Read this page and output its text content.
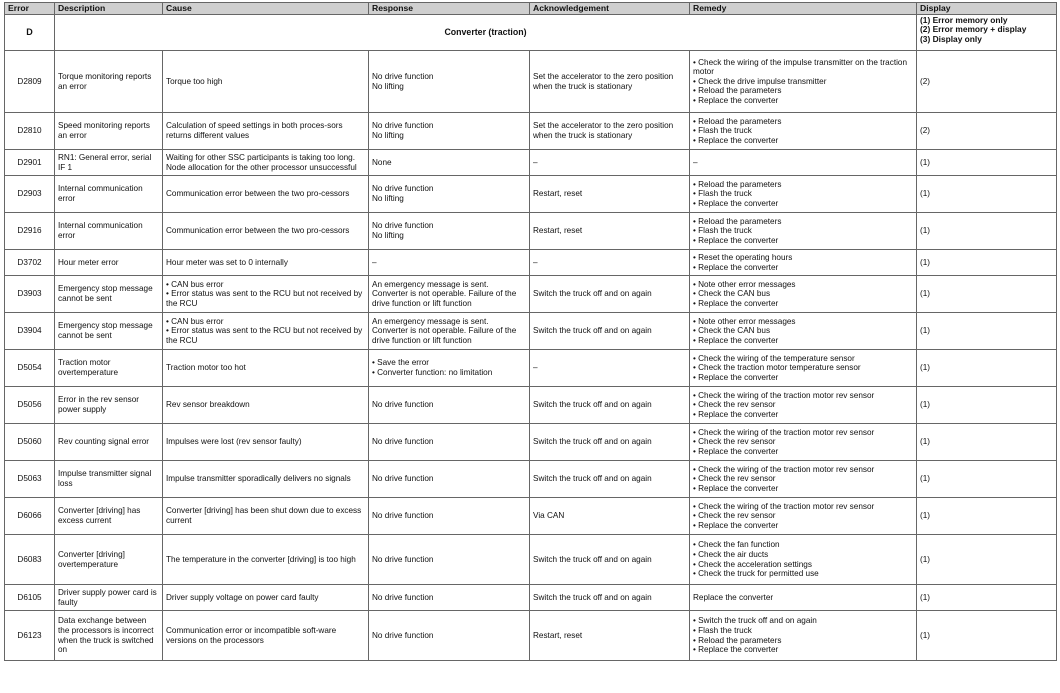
Error	Description	Cause	Response	Acknowledgement	Remedy	Display
D	Converter (traction)					(1) Error memory only
(2) Error memory + display
(3) Display only

D2809	Torque monitoring reports an error	Torque too high	No drive function
No lifting	Set the accelerator to the zero position when the truck is stationary	• Check the wiring of the impulse transmitter on the traction motor
• Check the drive impulse transmitter
• Reload the parameters
• Replace the converter	(2)
D2810	Speed monitoring reports an error	Calculation of speed settings in both proces-sors returns different values	No drive function
No lifting	Set the accelerator to the zero position when the truck is stationary	• Reload the parameters
• Flash the truck
• Replace the converter	(2)
D2901	RN1: General error, serial IF 1	Waiting for other SSC participants is taking too long. Node allocation for the other processor unsuccessful	None	–	–	(1)
D2903	Internal communication error	Communication error between the two pro-cessors	No drive function
No lifting	Restart, reset	• Reload the parameters
• Flash the truck
• Replace the converter	(1)
D2916	Internal communication error	Communication error between the two pro-cessors	No drive function
No lifting	Restart, reset	• Reload the parameters
• Flash the truck
• Replace the converter	(1)
D3702	Hour meter error	Hour meter was set to 0 internally	–	–	• Reset the operating hours
• Replace the converter	(1)
D3903	Emergency stop message cannot be sent	• CAN bus error
• Error status was sent to the RCU but not received by the RCU	An emergency message is sent. Converter is not operable. Failure of the drive function or lift function	Switch the truck off and on again	• Note other error messages
• Check the CAN bus
• Replace the converter	(1)
D3904	Emergency stop message cannot be sent	• CAN bus error
• Error status was sent to the RCU but not received by the RCU	An emergency message is sent. Converter is not operable. Failure of the drive function or lift function	Switch the truck off and on again	• Note other error messages
• Check the CAN bus
• Replace the converter	(1)
D5054	Traction motor overtemperature	Traction motor too hot	• Save the error
• Converter function: no limitation	–	• Check the wiring of the temperature sensor
• Check the traction motor temperature sensor
• Replace the converter	(1)
D5056	Error in the rev sensor power supply	Rev sensor breakdown	No drive function	Switch the truck off and on again	• Check the wiring of the traction motor rev sensor
• Check the rev sensor
• Replace the converter	(1)
D5060	Rev counting signal error	Impulses were lost (rev sensor faulty)	No drive function	Switch the truck off and on again	• Check the wiring of the traction motor rev sensor
• Check the rev sensor
• Replace the converter	(1)
D5063	Impulse transmitter signal loss	Impulse transmitter sporadically delivers no signals	No drive function	Switch the truck off and on again	• Check the wiring of the traction motor rev sensor
• Check the rev sensor
• Replace the converter	(1)
D6066	Converter [driving] has excess current	Converter [driving] has been shut down due to excess current	No drive function	Via CAN	• Check the wiring of the traction motor rev sensor
• Check the rev sensor
• Replace the converter	(1)
D6083	Converter [driving] overtemperature	The temperature in the converter [driving] is too high	No drive function	Switch the truck off and on again	• Check the fan function
• Check the air ducts
• Check the acceleration settings
• Check the truck for permitted use	(1)
D6105	Driver supply power card is faulty	Driver supply voltage on power card faulty	No drive function	Switch the truck off and on again	Replace the converter	(1)
D6123	Data exchange between the processors is incorrect when the truck is switched on	Communication error or incompatible soft-ware versions on the processors	No drive function	Restart, reset	• Switch the truck off and on again
• Flash the truck
• Reload the parameters
• Replace the converter	(1)
